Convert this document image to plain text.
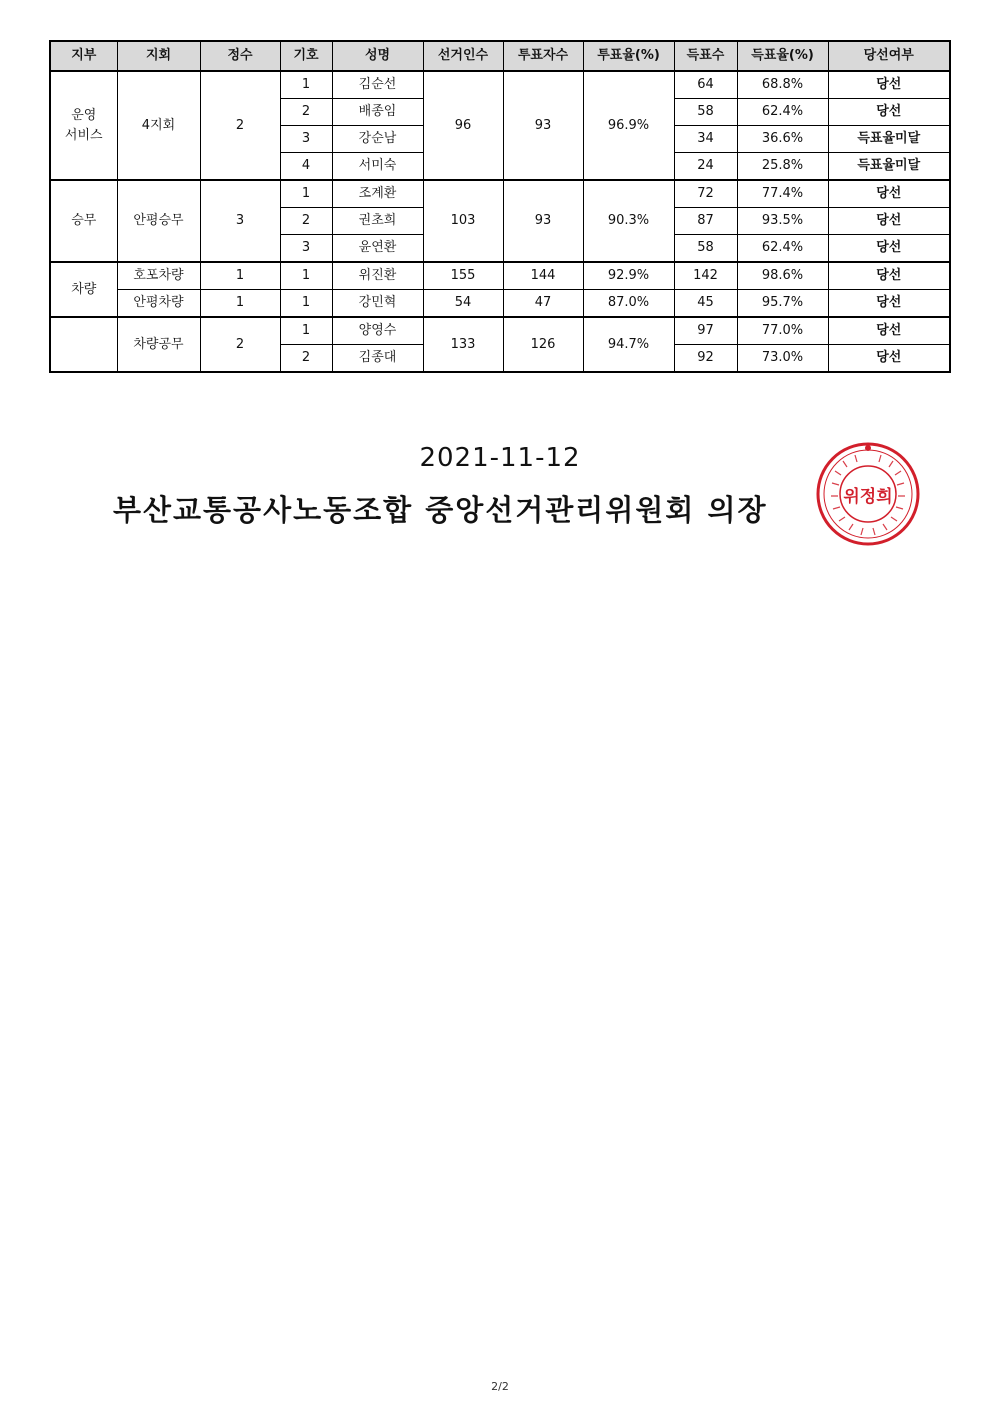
지부	지회	정수	기호	성명	선거인수	투표자수	투표율(%)	득표수	득표율(%)	당선여부
운영
서비스	4지회	2	1	김순선	96	93	96.9%	64	68.8%	당선
			2	배종임				58	62.4%	당선
			3	강순남				34	36.6%	득표율미달
			4	서미숙				24	25.8%	득표율미달
승무	안평승무	3	1	조계환	103	93	90.3%	72	77.4%	당선
			2	권초희				87	93.5%	당선
			3	윤연환				58	62.4%	당선
차량	호포차량	1	1	위진환	155	144	92.9%	142	98.6%	당선
	안평차량	1	1	강민혁	54	47	87.0%	45	95.7%	당선
	차량공무	2	1	양영수	133	126	94.7%	97	77.0%	당선
			2	김종대				92	73.0%	당선
2021-11-12
부산교통공사노동조합 중앙선거관리위원회 의장	위정희
2/2
